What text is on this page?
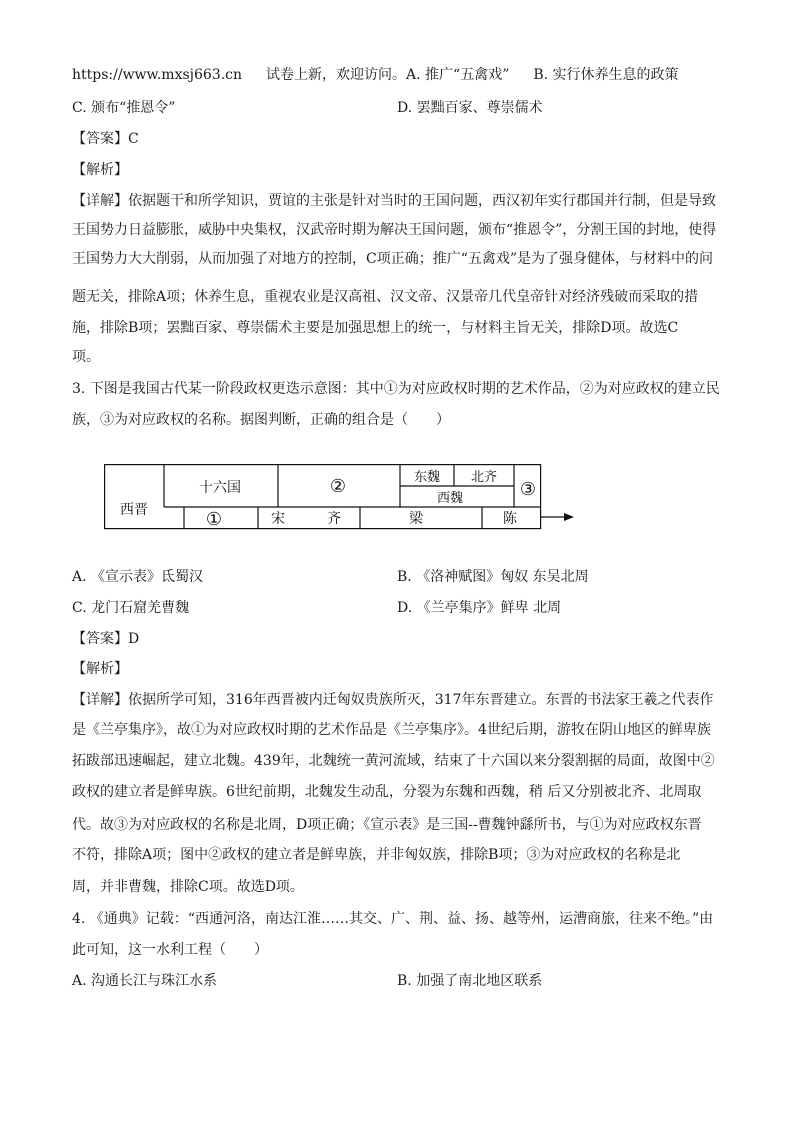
https://www.mxsj663.cn 试卷上新，欢迎访问。A. 推广“五禽戏” B. 实行休养生息的政策
C. 颁布“推恩令”	D. 罢黜百家、尊崇儒术
【答案】C
【解析】
【详解】依据题干和所学知识，贾谊的主张是针对当时的王国问题，西汉初年实行郡国并行制，但是导致
王国势力日益膨胀，威胁中央集权，汉武帝时期为解决王国问题，颁布“推恩令”，分割王国的封地，使得
王国势力大大削弱，从而加强了对地方的控制，C项正确；推广“五禽戏”是为了强身健体，与材料中的问
题无关，排除A项；休养生息，重视农业是汉高祖、汉文帝、汉景帝几代皇帝针对经济残破而采取的措
施，排除B项；罢黜百家、尊崇儒术主要是加强思想上的统一，与材料主旨无关，排除D项。故选C
项。
3. 下图是我国古代某一阶段政权更迭示意图：其中①为对应政权时期的艺术作品，②为对应政权的建立民
族，③为对应政权的名称。据图判断，正确的组合是（　　）
西晋
十六国	②	东魏 北齐
西魏	③
①	宋	齐	梁	陈
A. 《宣示表》氐蜀汉	B. 《洛神赋图》匈奴 东吴北周
C. 龙门石窟羌曹魏	D. 《兰亭集序》鲜卑 北周
【答案】D
【解析】
【详解】依据所学可知，316年西晋被内迁匈奴贵族所灭，317年东晋建立。东晋的书法家王羲之代表作
是《兰亭集序》，故①为对应政权时期的艺术作品是《兰亭集序》。4世纪后期，游牧在阴山地区的鲜卑族
拓跋部迅速崛起，建立北魏。439年，北魏统一黄河流域，结束了十六国以来分裂割据的局面，故图中②
政权的建立者是鲜卑族。6世纪前期，北魏发生动乱，分裂为东魏和西魏，稍 后又分别被北齐、北周取
代。故③为对应政权的名称是北周，D项正确；《宣示表》是三国--曹魏钟繇所书，与①为对应政权东晋
不符，排除A项；图中②政权的建立者是鲜卑族，并非匈奴族，排除B项；③为对应政权的名称是北
周，并非曹魏，排除C项。故选D项。
4. 《通典》记载：“西通河洛，南达江淮……其交、广、荆、益、扬、越等州，运漕商旅，往来不绝。”由
此可知，这一水利工程（　　）
A. 沟通长江与珠江水系	B. 加强了南北地区联系
